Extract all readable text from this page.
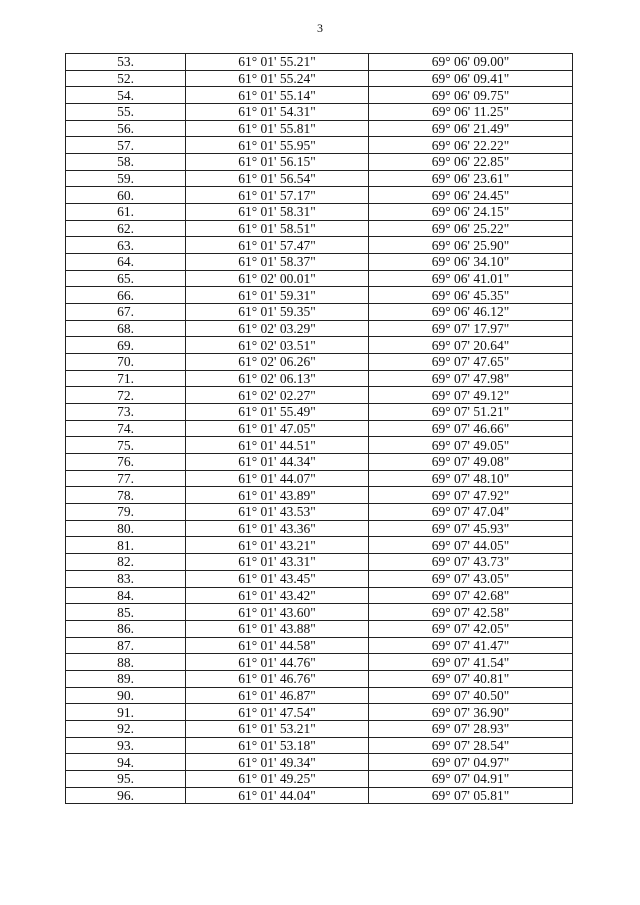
3
53.	61° 01' 55.21"	69° 06' 09.00"
52.	61° 01' 55.24"	69° 06' 09.41"
54.	61° 01' 55.14"	69° 06' 09.75"
55.	61° 01' 54.31"	69° 06' 11.25"
56.	61° 01' 55.81"	69° 06' 21.49"
57.	61° 01' 55.95"	69° 06' 22.22"
58.	61° 01' 56.15"	69° 06' 22.85"
59.	61° 01' 56.54"	69° 06' 23.61"
60.	61° 01' 57.17"	69° 06' 24.45"
61.	61° 01' 58.31"	69° 06' 24.15"
62.	61° 01' 58.51"	69° 06' 25.22"
63.	61° 01' 57.47"	69° 06' 25.90"
64.	61° 01' 58.37"	69° 06' 34.10"
65.	61° 02' 00.01"	69° 06' 41.01"
66.	61° 01' 59.31"	69° 06' 45.35"
67.	61° 01' 59.35"	69° 06' 46.12"
68.	61° 02' 03.29"	69° 07' 17.97"
69.	61° 02' 03.51"	69° 07' 20.64"
70.	61° 02' 06.26"	69° 07' 47.65"
71.	61° 02' 06.13"	69° 07' 47.98"
72.	61° 02' 02.27"	69° 07' 49.12"
73.	61° 01' 55.49"	69° 07' 51.21"
74.	61° 01' 47.05"	69° 07' 46.66"
75.	61° 01' 44.51"	69° 07' 49.05"
76.	61° 01' 44.34"	69° 07' 49.08"
77.	61° 01' 44.07"	69° 07' 48.10"
78.	61° 01' 43.89"	69° 07' 47.92"
79.	61° 01' 43.53"	69° 07' 47.04"
80.	61° 01' 43.36"	69° 07' 45.93"
81.	61° 01' 43.21"	69° 07' 44.05"
82.	61° 01' 43.31"	69° 07' 43.73"
83.	61° 01' 43.45"	69° 07' 43.05"
84.	61° 01' 43.42"	69° 07' 42.68"
85.	61° 01' 43.60"	69° 07' 42.58"
86.	61° 01' 43.88"	69° 07' 42.05"
87.	61° 01' 44.58"	69° 07' 41.47"
88.	61° 01' 44.76"	69° 07' 41.54"
89.	61° 01' 46.76"	69° 07' 40.81"
90.	61° 01' 46.87"	69° 07' 40.50"
91.	61° 01' 47.54"	69° 07' 36.90"
92.	61° 01' 53.21"	69° 07' 28.93"
93.	61° 01' 53.18"	69° 07' 28.54"
94.	61° 01' 49.34"	69° 07' 04.97"
95.	61° 01' 49.25"	69° 07' 04.91"
96.	61° 01' 44.04"	69° 07' 05.81"
